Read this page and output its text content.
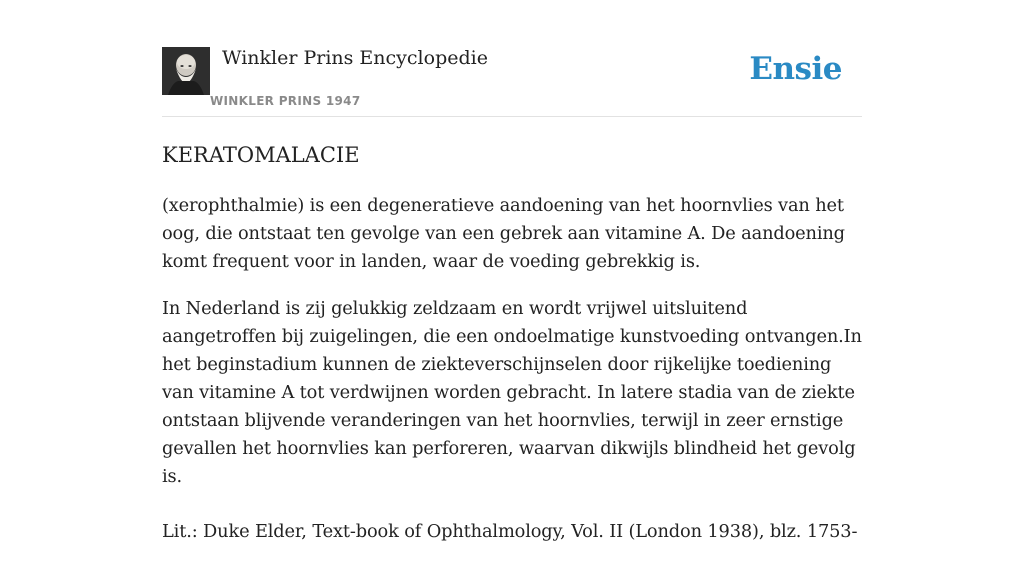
Winkler Prins Encyclopedie
WINKLER PRINS 1947
Ensie
KERATOMALACIE

(xerophthalmie) is een degeneratieve aandoening van het hoornvlies van het oog, die ontstaat ten gevolge van een gebrek aan vitamine A. De aandoening komt frequent voor in landen, waar de voeding gebrekkig is.

In Nederland is zij gelukkig zeldzaam en wordt vrijwel uitsluitend aangetroffen bij zuigelingen, die een ondoelmatige kunstvoeding ontvangen.In het beginstadium kunnen de ziekteverschijnselen door rijkelijke toediening van vitamine A tot verdwijnen worden gebracht. In latere stadia van de ziekte ontstaan blijvende veranderingen van het hoornvlies, terwijl in zeer ernstige gevallen het hoornvlies kan perforeren, waarvan dikwijls blindheid het gevolg is.

Lit.: Duke Elder, Text-book of Ophthalmology, Vol. II (London 1938), blz. 1753-
